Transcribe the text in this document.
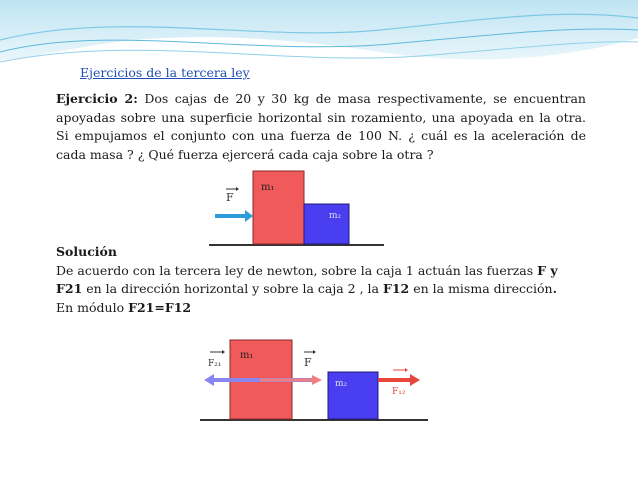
Ejercicios de la tercera ley
Ejercicio 2: Dos cajas de 20 y 30 kg de masa respectivamente, se encuentran apoyadas sobre una superficie horizontal sin rozamiento, una apoyada en la otra. Si empujamos el conjunto con una fuerza de 100 N. ¿ cuál es la aceleración de cada masa ? ¿ Qué fuerza ejercerá cada caja sobre la otra ?
m₁
m₂
F
Solución
De acuerdo con la tercera ley de newton, sobre la caja 1 actuán las fuerzas F y F21 en la dirección horizontal y sobre la caja 2 , la F12 en la misma dirección.
En módulo F21=F12
m₁
m₂
F₂₁	F
F₁₂
